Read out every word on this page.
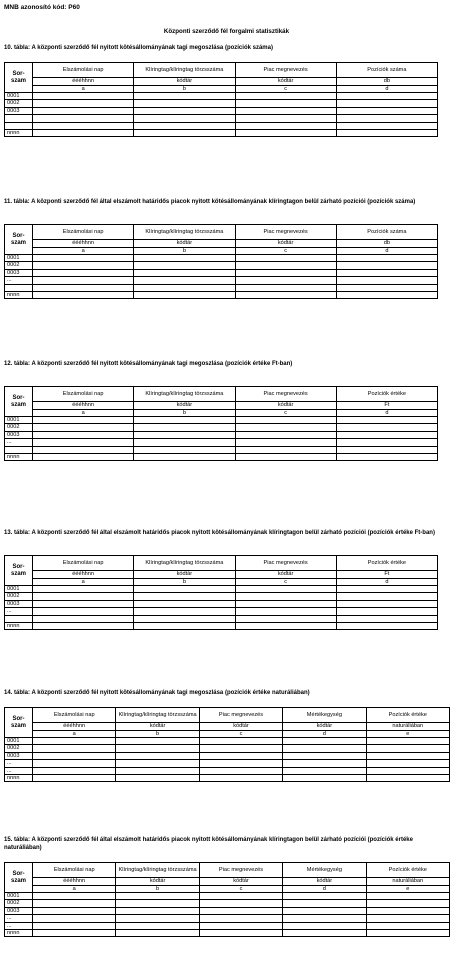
MNB azonosító kód: P60
Központi szerződő fél forgalmi statisztikák

10. tábla: A központi szerződő fél nyitott kötésállományának tagi megoszlása (pozíciók száma)

Sor-	Elszámolási nap	Klíringtag/klíringtag törzsszáma	Piac megnevezés	Pozíciók száma
szám	éééhhnn	kódtár	kódtár	db
	a	b	c	d
0001				
0002				
0003				

nnnn				

11. tábla: A központi szerződő fél által elszámolt határidős piacok nyitott kötésállományának klíringtagon belül zárható pozíciói (pozíciók száma)

Sor-	Elszámolási nap	Klíringtag/klíringtag törzsszáma	Piac megnevezés	Pozíciók száma
szám	éééhhnn	kódtár	kódtár	db
	a	b	c	d
0001				
0002				
0003				
...				

nnnn				

12. tábla: A központi szerződő fél nyitott kötésállományának tagi megoszlása (pozíciók értéke Ft-ban)

Sor-	Elszámolási nap	Klíringtag/klíringtag törzsszáma	Piac megnevezés	Pozíciók értéke
szám	éééhhnn	kódtár	kódtár	Ft
	a	b	c	d
0001				
0002				
0003				
...				

nnnn				

13. tábla: A központi szerződő fél által elszámolt határidős piacok nyitott kötésállományának klíringtagon belül zárható pozíciói (pozíciók értéke Ft-ban)

Sor-	Elszámolási nap	Klíringtag/klíringtag törzsszáma	Piac megnevezés	Pozíciók értéke
szám	éééhhnn	kódtár	kódtár	Ft
	a	b	c	d
0001				
0002				
0003				
...				

nnnn				

14. tábla: A központi szerződő fél nyitott kötésállományának tagi megoszlása (pozíciók értéke naturáliában)

Sor-	Elszámolási nap	Klíringtag/klíringtag törzsszáma	Piac megnevezés	Mértékegység	Pozíciók értéke
szám	éééhhnn	kódtár	kódtár	kódtár	naturáliában
	a	b	c	d	e
0001					
0002					
0003					
...					
...					
nnnn					

15. tábla: A központi szerződő fél által elszámolt határidős piacok nyitott kötésállományának klíringtagon belül zárható pozíciói (pozíciók értéke naturáliában)

Sor-	Elszámolási nap	Klíringtag/klíringtag törzsszáma	Piac megnevezés	Mértékegység	Pozíciók értéke
szám	éééhhnn	kódtár	kódtár	kódtár	naturáliában
	a	b	c	d	e
0001					
0002					
0003					
...					
...					
nnnn					
